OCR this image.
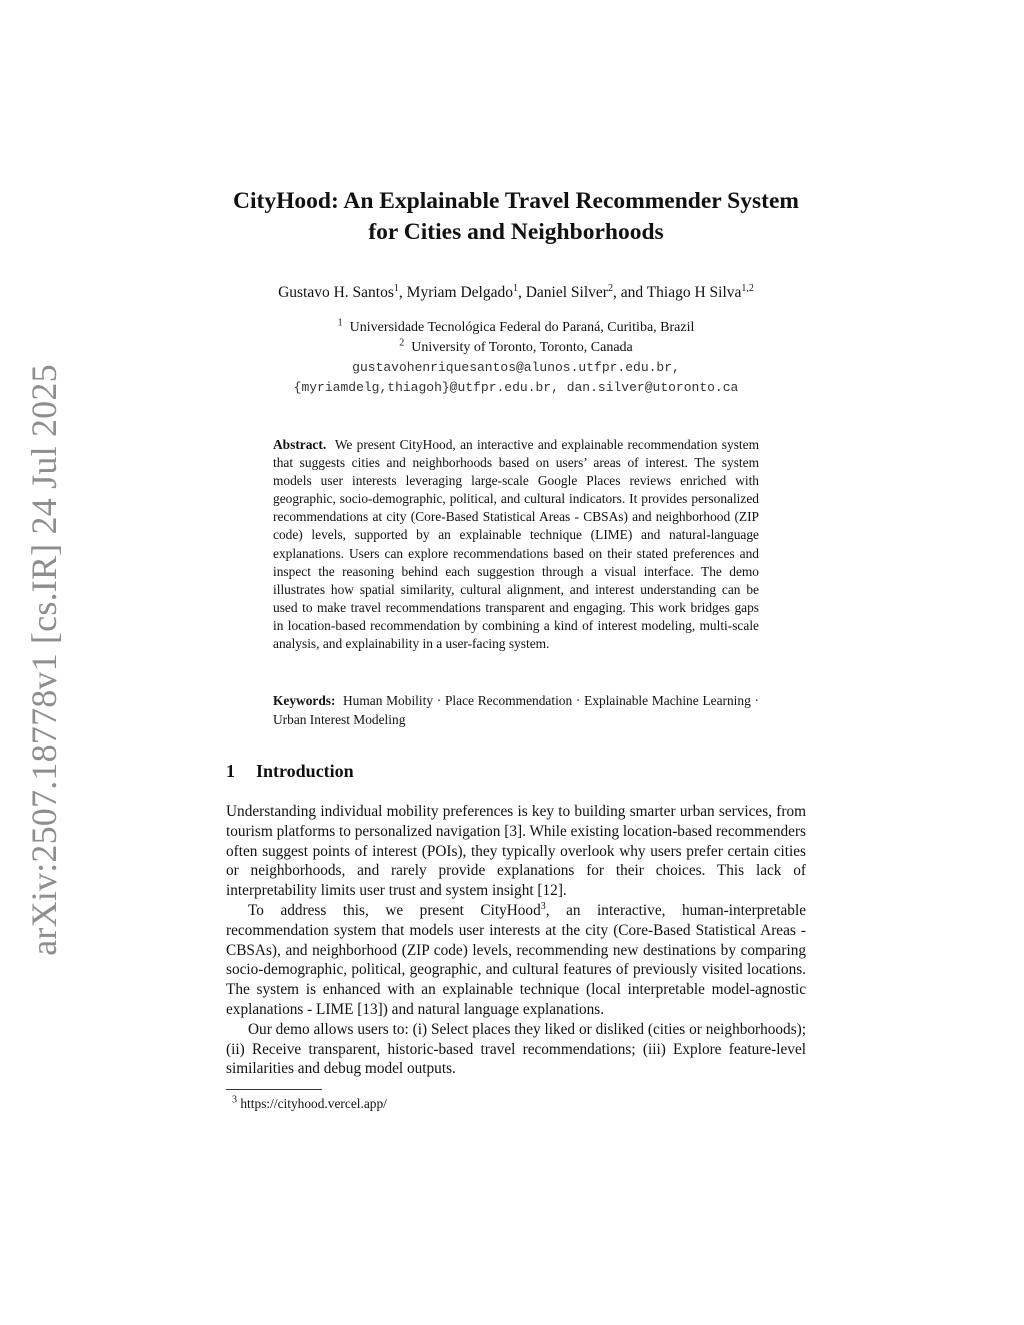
arXiv:2507.18778v1 [cs.IR] 24 Jul 2025
CityHood: An Explainable Travel Recommender System
for Cities and Neighborhoods
Gustavo H. Santos$^1$, Myriam Delgado$^1$, Daniel Silver$^2$, and Thiago H Silva$^{1,2}$
$^1$ Universidade Tecnológica Federal do Paraná, Curitiba, Brazil
$^2$ University of Toronto, Toronto, Canada
gustavohenriquesantos@alunos.utfpr.edu.br,
{myriamdelg,thiagoh}@utfpr.edu.br, dan.silver@utoronto.ca
Abstract. We present CityHood, an interactive and explainable recommendation system that suggests cities and neighborhoods based on users’ areas of interest. The system models user interests leveraging large-scale Google Places reviews enriched with geographic, socio-demographic, political, and cultural indicators. It provides personalized recommendations at city (Core-Based Statistical Areas - CBSAs) and neighborhood (ZIP code) levels, supported by an explainable technique (LIME) and natural-language explanations. Users can explore recommendations based on their stated preferences and inspect the reasoning behind each suggestion through a visual interface. The demo illustrates how spatial similarity, cultural alignment, and interest understanding can be used to make travel recommendations transparent and engaging. This work bridges gaps in location-based recommendation by combining a kind of interest modeling, multi-scale analysis, and explainability in a user-facing system.
Keywords: Human Mobility · Place Recommendation · Explainable Machine Learning · Urban Interest Modeling
1 Introduction

Understanding individual mobility preferences is key to building smarter urban services, from tourism platforms to personalized navigation [3]. While existing location-based recommenders often suggest points of interest (POIs), they typically overlook why users prefer certain cities or neighborhoods, and rarely provide explanations for their choices. This lack of interpretability limits user trust and system insight [12].

To address this, we present CityHood$^3$, an interactive, human-interpretable recommendation system that models user interests at the city (Core-Based Statistical Areas - CBSAs), and neighborhood (ZIP code) levels, recommending new destinations by comparing socio-demographic, political, geographic, and cultural features of previously visited locations. The system is enhanced with an explainable technique (local interpretable model-agnostic explanations - LIME [13]) and natural language explanations.

Our demo allows users to: (i) Select places they liked or disliked (cities or neighborhoods); (ii) Receive transparent, historic-based travel recommendations; (iii) Explore feature-level similarities and debug model outputs.

$^3$ https://cityhood.vercel.app/
